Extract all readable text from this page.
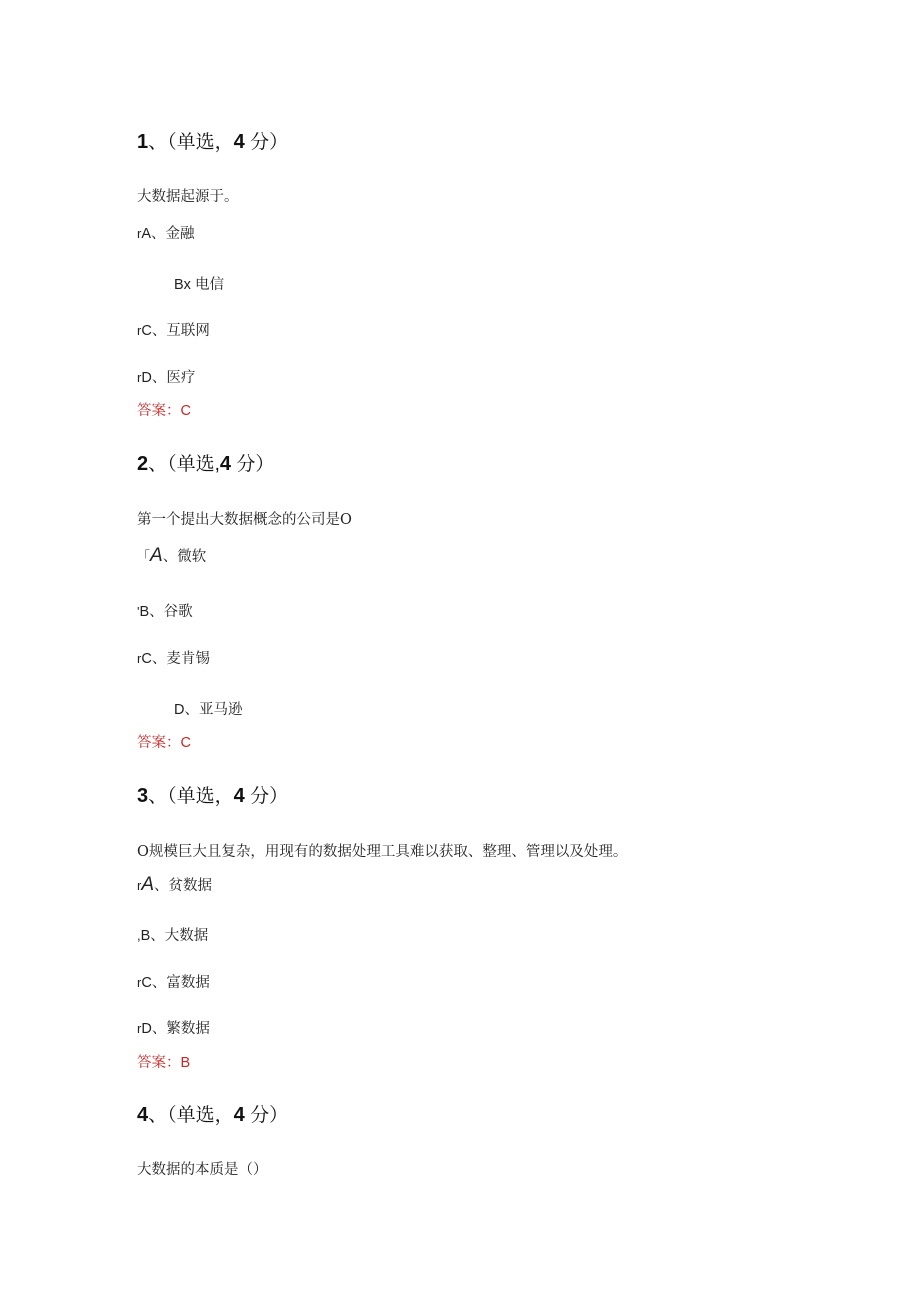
1、（单选，4 分）
大数据起源于。
rA、金融
Bx 电信
rC、互联网
rD、医疗
答案：C
2、（单选,4 分）
第一个提出大数据概念的公司是O
「A、微软
'B、谷歌
rC、麦肯锡
D、亚马逊
答案：C
3、（单选，4 分）
O规模巨大且复杂，用现有的数据处理工具难以获取、整理、管理以及处理。
rA、贫数据
,B、大数据
rC、富数据
rD、繁数据
答案：B
4、（单选，4 分）
大数据的本质是（）
